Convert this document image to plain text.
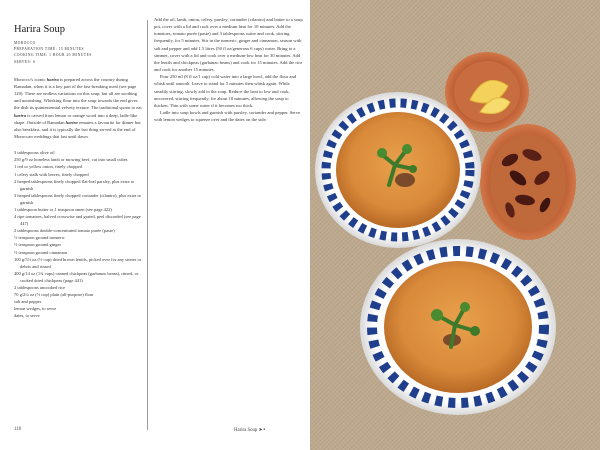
Harira Soup
MOROCCO
PREPARATION TIME: 15 MINUTES
COOKING TIME: 1 HOUR 20 MINUTES
SERVES: 6
Morocco's iconic harira is prepared across the country during Ramadan, when it is a key part of the fast-breaking meal (see page 120). There are endless variations on this soup, but all are soothing and nourishing. Whisking flour into the soup towards the end gives the dish its quintessential velvety texture. The traditional spoon to eat harira is carved from lemon or orange wood into a deep, ladle-like shape. Outside of Ramadan harira remains a favourite for dinner but also breakfast, and it is typically the last thing served at the end of Moroccan weddings that last until dawn.
3 tablespoons olive oil
250 g/9 oz boneless lamb or mowing beef, cut into small cubes
1 red or yellow onion, finely chopped
1 celery stalk with leaves, finely chopped
2 heaped tablespoons finely chopped flat-leaf parsley, plus extra to garnish
3 heaped tablespoons finely chopped coriander (cilantro), plus extra to garnish
1 tablespoon butter or 1 teaspoon smen (see page 422)
4 ripe tomatoes, halved crosswise and grated, peel discarded (see page 447)
2 tablespoons double-concentrated tomato purée (paste)
½ teaspoon ground turmeric
½ teaspoon ground ginger
½ teaspoon ground cinnamon
100 g/3½ oz (½ cup) dried brown lentils, picked over for any stones or debris and rinsed
400 g/14 oz (1¾ cups) canned chickpeas (garbanzo beans), rinsed, or cooked dried chickpeas (page 441)
2 tablespoons uncooked rice
70 g/2¼ oz (½ cup) plain (all-purpose) flour
salt and pepper
lemon wedges, to serve
dates, to serve

Add the oil, lamb, onion, celery, parsley, coriander (cilantro) and butter to a soup pot, cover with a lid and cook over a medium heat for 10 minutes. Add the tomatoes, tomato purée (paste) and 3 tablespoons water and cook, stirring frequently, for 5 minutes. Stir in the turmeric, ginger and cinnamon, season with salt and pepper and add 1.5 litres (50 fl oz/generous 6 cups) water. Bring to a simmer, cover with a lid and cook over a medium-low heat for 30 minutes. Add the lentils and chickpeas (garbanzo beans) and cook for 15 minutes. Add the rice and cook for another 15 minutes.

Pour 250 ml (8 fl oz/1 cup) cold water into a large bowl, add the flour and whisk until smooth. Leave to stand for 5 minutes then whisk again. While steadily stirring, slowly add to the soup. Reduce the heat to low and cook, uncovered, stirring frequently, for about 10 minutes, allowing the soup to thicken. Thin with some water if it becomes too thick.

Ladle into soup bowls and garnish with parsley, coriander and pepper. Serve with lemon wedges to squeeze over and the dates on the side.

118	Harira Soup ➤•
